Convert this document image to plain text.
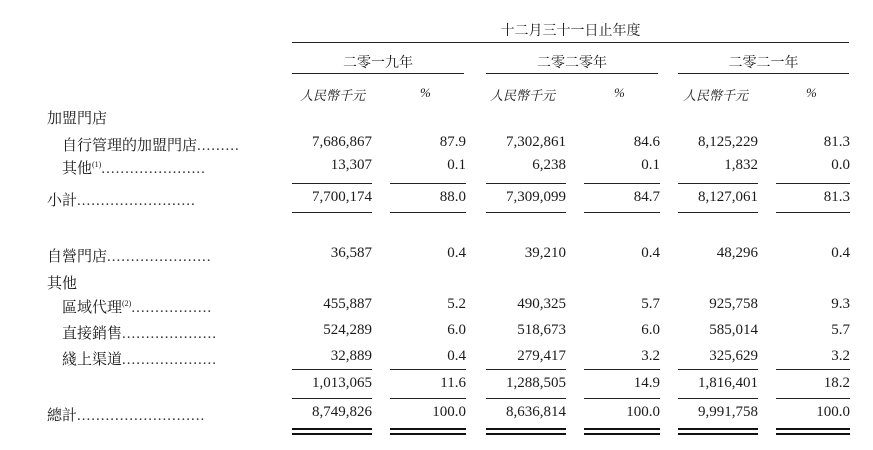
十二月三十一日止年度
二零一九年	二零二零年	二零二一年
人民幣千元	%	人民幣千元	%	人民幣千元	%
加盟門店
自行管理的加盟門店.........	7,686,867	87.9	7,302,861	84.6	8,125,229	81.3
其他$^{(1)}$......................	13,307	0.1	6,238	0.1	1,832	0.0
小計.........................	7,700,174	88.0	7,309,099	84.7	8,127,061	81.3
自營門店......................	36,587	0.4	39,210	0.4	48,296	0.4
其他
區域代理$^{(2)}$.................	455,887	5.2	490,325	5.7	925,758	9.3
直接銷售....................	524,289	6.0	518,673	6.0	585,014	5.7
綫上渠道....................	32,889	0.4	279,417	3.2	325,629	3.2
1,013,065	11.6	1,288,505	14.9	1,816,401	18.2
總計...........................	8,749,826	100.0	8,636,814	100.0	9,991,758	100.0
